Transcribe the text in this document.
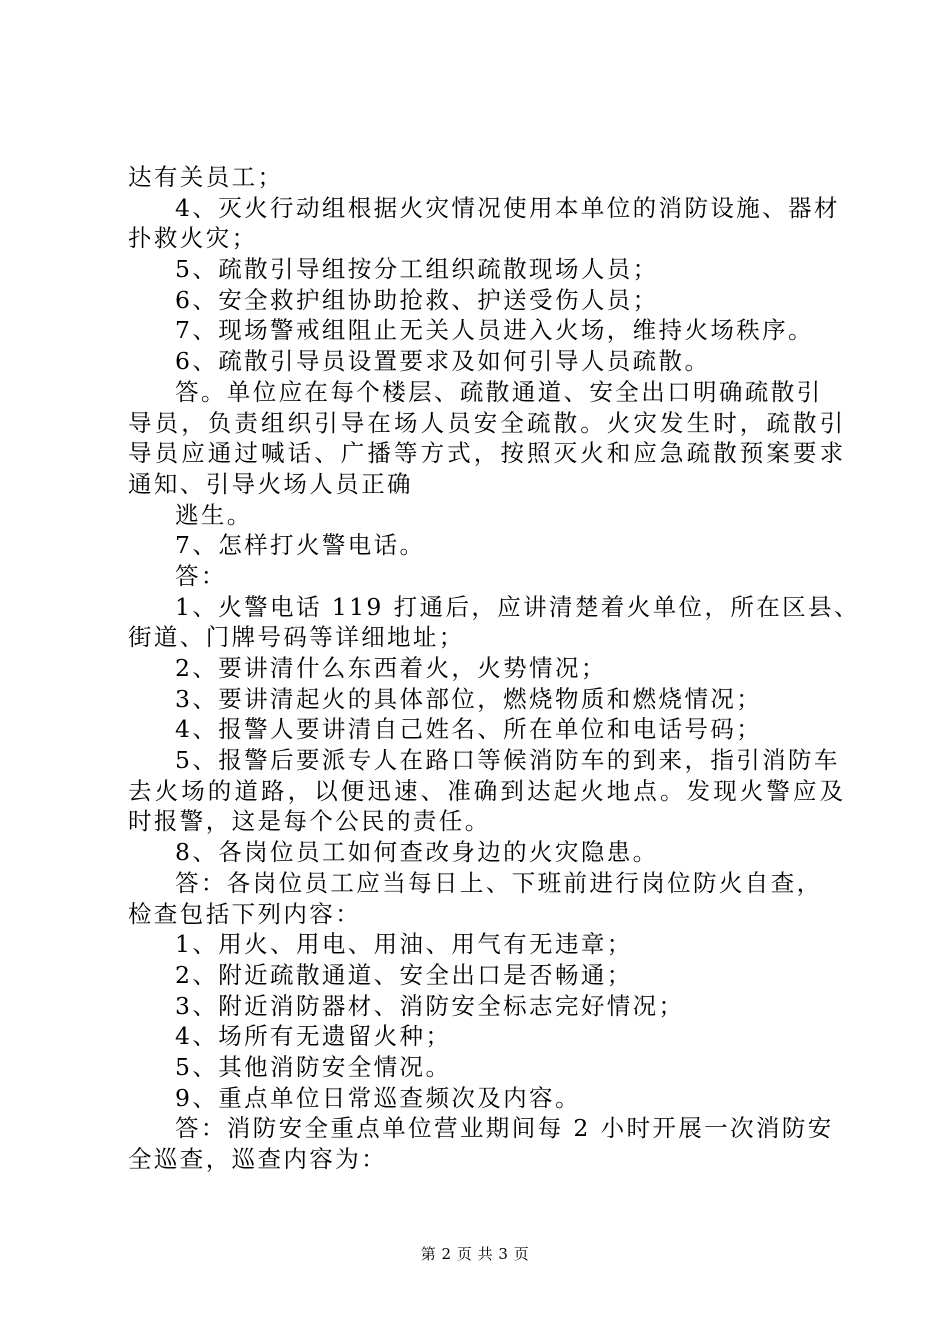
达有关员工；
4、灭火行动组根据火灾情况使用本单位的消防设施、器材
扑救火灾；
5、疏散引导组按分工组织疏散现场人员；
6、安全救护组协助抢救、护送受伤人员；
7、现场警戒组阻止无关人员进入火场，维持火场秩序。
6、疏散引导员设置要求及如何引导人员疏散。
答。单位应在每个楼层、疏散通道、安全出口明确疏散引
导员，负责组织引导在场人员安全疏散。火灾发生时，疏散引
导员应通过喊话、广播等方式，按照灭火和应急疏散预案要求
通知、引导火场人员正确
逃生。
7、怎样打火警电话。
答：
1、火警电话 119 打通后，应讲清楚着火单位，所在区县、
街道、门牌号码等详细地址；
2、要讲清什么东西着火，火势情况；
3、要讲清起火的具体部位，燃烧物质和燃烧情况；
4、报警人要讲清自己姓名、所在单位和电话号码；
5、报警后要派专人在路口等候消防车的到来，指引消防车
去火场的道路，以便迅速、准确到达起火地点。发现火警应及
时报警，这是每个公民的责任。
8、各岗位员工如何查改身边的火灾隐患。
答：各岗位员工应当每日上、下班前进行岗位防火自查，
检查包括下列内容：
1、用火、用电、用油、用气有无违章；
2、附近疏散通道、安全出口是否畅通；
3、附近消防器材、消防安全标志完好情况；
4、场所有无遗留火种；
5、其他消防安全情况。
9、重点单位日常巡查频次及内容。
答：消防安全重点单位营业期间每 2 小时开展一次消防安
全巡查，巡查内容为：
第 2 页 共 3 页
